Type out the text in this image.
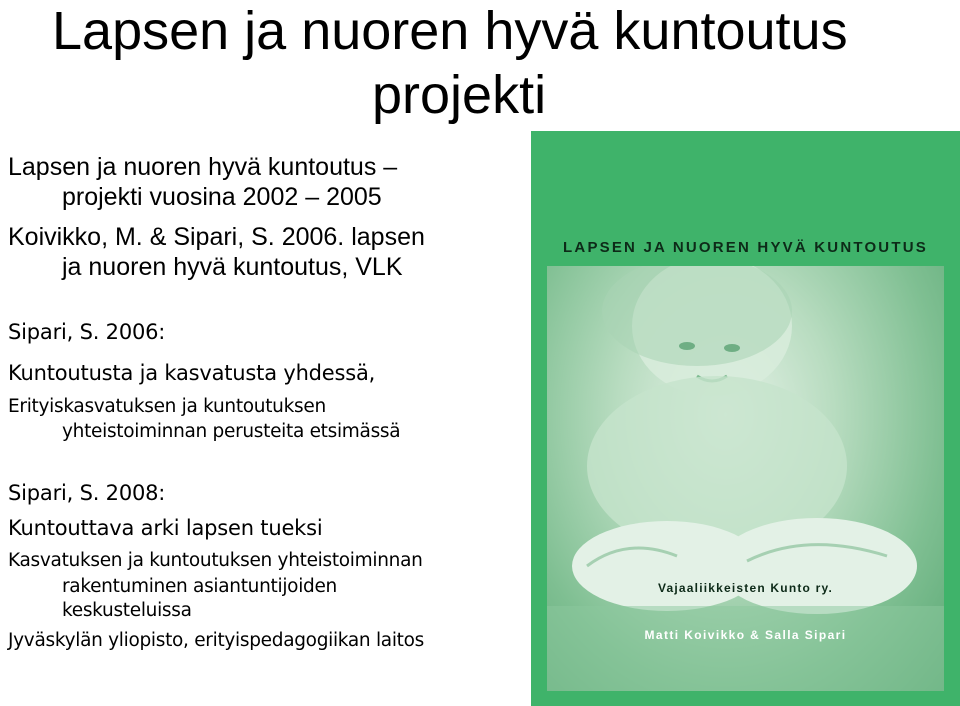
Lapsen ja nuoren hyvä kuntoutus
projekti
Lapsen ja nuoren hyvä kuntoutus –
projekti vuosina 2002 – 2005
Koivikko, M. & Sipari, S. 2006. lapsen
ja nuoren hyvä kuntoutus, VLK
Sipari, S. 2006:
Kuntoutusta ja kasvatusta yhdessä,
Erityiskasvatuksen ja kuntoutuksen
yhteistoiminnan perusteita etsimässä
Sipari, S. 2008:
Kuntouttava arki lapsen tueksi
Kasvatuksen ja kuntoutuksen yhteistoiminnan
rakentuminen asiantuntijoiden
keskusteluissa
Jyväskylän yliopisto, erityispedagogiikan laitos
LAPSEN JA NUOREN HYVÄ KUNTOUTUS
Vajaaliikkeisten Kunto ry.
Matti Koivikko & Salla Sipari
